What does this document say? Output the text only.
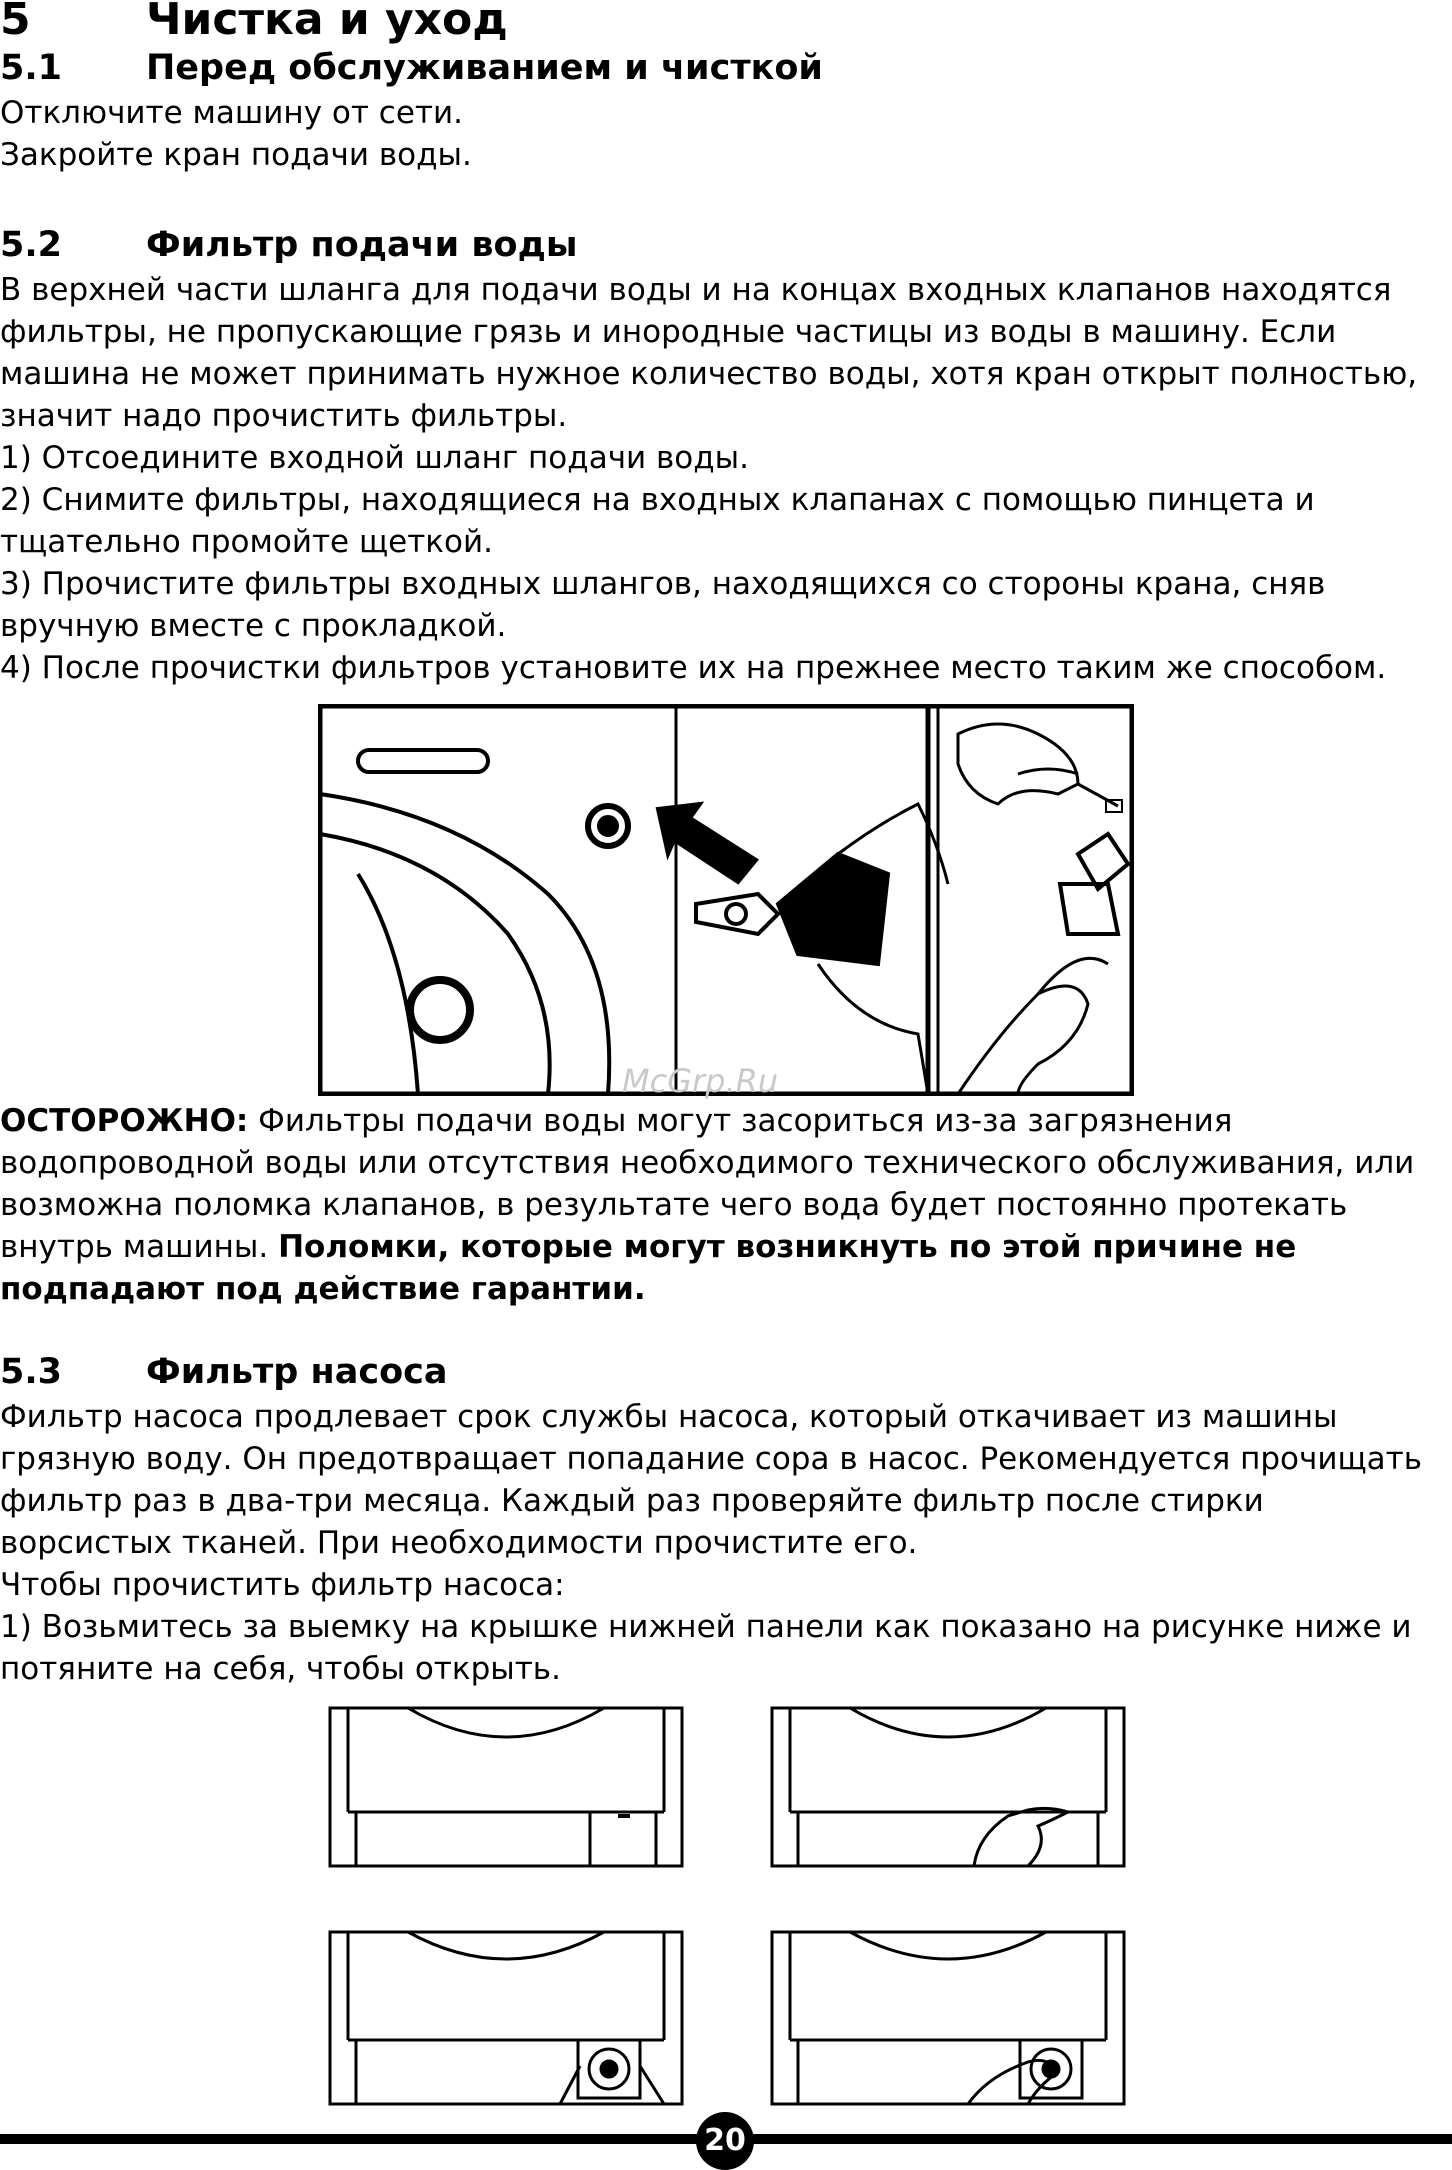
5	Чистка и уход
5.1 Перед обслуживанием и чисткой
Отключите машину от сети.
Закройте кран подачи воды.
5.2 Фильтр подачи воды
В верхней части шланга для подачи воды и на концах входных клапанов находятся
фильтры, не пропускающие грязь и инородные частицы из воды в машину. Если
машина не может принимать нужное количество воды, хотя кран открыт полностью,
значит надо прочистить фильтры.
1) Отсоедините входной шланг подачи воды.
2) Снимите фильтры, находящиеся на входных клапанах с помощью пинцета и
тщательно промойте щеткой.
3) Прочистите фильтры входных шлангов, находящихся со стороны крана, сняв
вручную вместе с прокладкой.
4) После прочистки фильтров установите их на прежнее место таким же способом.
McGrp.Ru
ОСТОРОЖНО: Фильтры подачи воды могут засориться из-за загрязнения
водопроводной воды или отсутствия необходимого технического обслуживания, или
возможна поломка клапанов, в результате чего вода будет постоянно протекать
внутрь машины. Поломки, которые могут возникнуть по этой причине не
подпадают под действие гарантии.
5.3 Фильтр насоса
Фильтр насоса продлевает срок службы насоса, который откачивает из машины
грязную воду. Он предотвращает попадание сора в насос. Рекомендуется прочищать
фильтр раз в два-три месяца. Каждый раз проверяйте фильтр после стирки
ворсистых тканей. При необходимости прочистите его.
Чтобы прочистить фильтр насоса:
1) Возьмитесь за выемку на крышке нижней панели как показано на рисунке ниже и
потяните на себя, чтобы открыть.
20
